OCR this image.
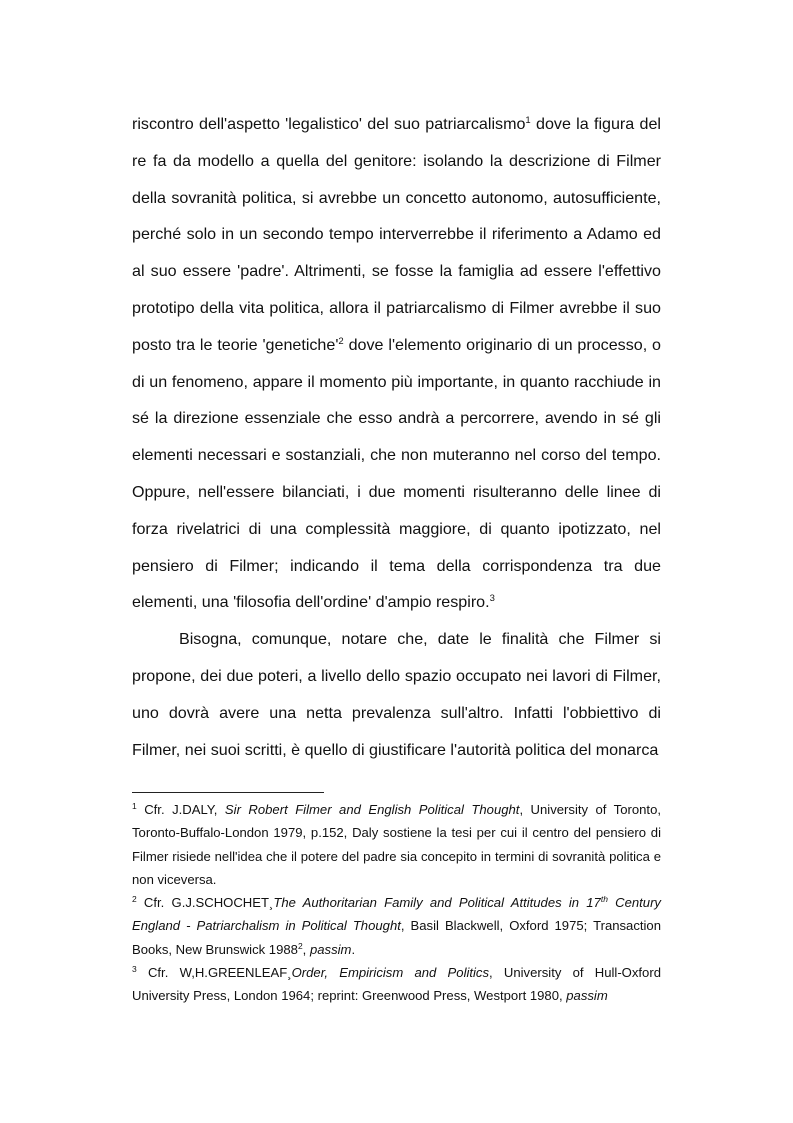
riscontro dell'aspetto 'legalistico' del suo patriarcalismo$^1$ dove la figura del re fa da modello a quella del genitore: isolando la descrizione di Filmer della sovranità politica, si avrebbe un concetto autonomo, autosufficiente, perché solo in un secondo tempo interverrebbe il riferimento a Adamo ed al suo essere 'padre'. Altrimenti, se fosse la famiglia ad essere l'effettivo prototipo della vita politica, allora il patriarcalismo di Filmer avrebbe il suo posto tra le teorie '$genetiche'^2$ dove l'elemento originario di un processo, o di un fenomeno, appare il momento più importante, in quanto racchiude in sé la direzione essenziale che esso andrà a percorrere, avendo in sé gli elementi necessari e sostanziali, che non muteranno nel corso del tempo. Oppure, nell'essere bilanciati, i due momenti risulteranno delle linee di forza rivelatrici di una complessità maggiore, di quanto ipotizzato, nel pensiero di Filmer; indicando il tema della corrispondenza tra due elementi, una 'filosofia dell'ordine' d'ampio respiro.$^3$

Bisogna, comunque, notare che, date le finalità che Filmer si propone, dei due poteri, a livello dello spazio occupato nei lavori di Filmer, uno dovrà avere una netta prevalenza sull'altro. Infatti l'obbiettivo di Filmer, nei suoi scritti, è quello di giustificare l'autorità politica del monarca

$^1$ Cfr. J.DALY, Sir Robert Filmer and English Political Thought, University of Toronto, Toronto-Buffalo-London 1979, p.152, Daly sostiene la tesi per cui il centro del pensiero di Filmer risiede nell'idea che il potere del padre sia concepito in termini di sovranità politica e non viceversa.

$^2$ Cfr. G.J.SCHOCHET¸The Authoritarian Family and Political Attitudes in 17th Century England - Patriarchalism in Political Thought, Basil Blackwell, Oxford 1975; Transaction Books, New Brunswick 1988$^2$, passim.

$^3$ Cfr. W,H.GREENLEAF¸Order, Empiricism and Politics, University of Hull-Oxford University Press, London 1964; reprint: Greenwood Press, Westport 1980, passim
